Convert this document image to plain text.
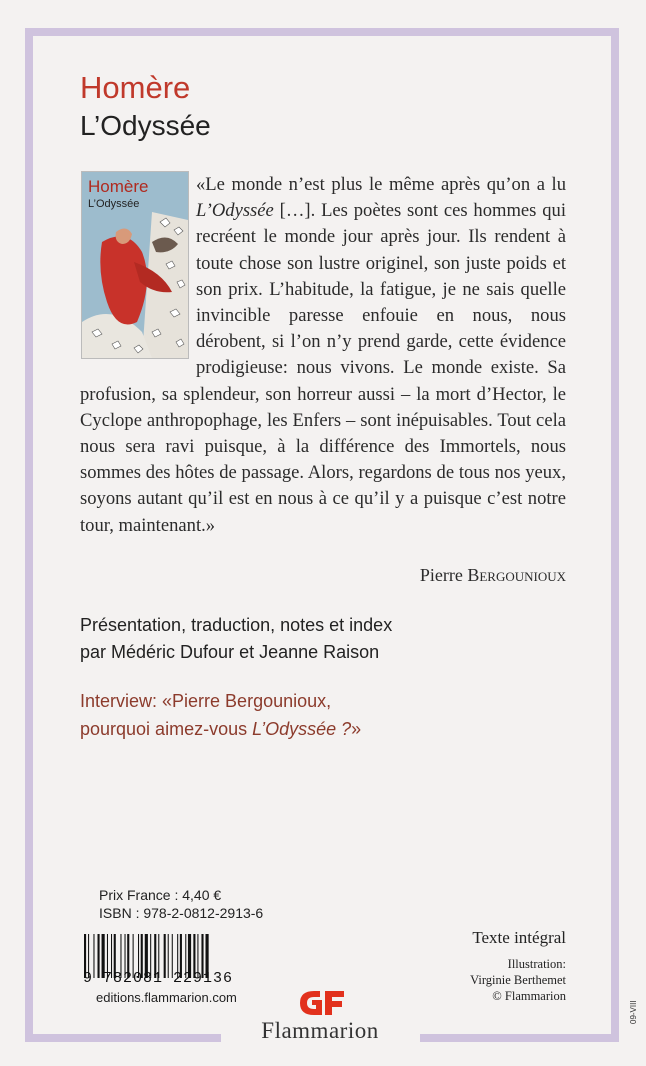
Homère
L’Odyssée
Homère
L’Odyssée
«Le monde n’est plus le même après qu’on a lu L’Odyssée […]. Les poètes sont ces hommes qui recréent le monde jour après jour. Ils rendent à toute chose son lustre originel, son juste poids et son prix. L’habitude, la fatigue, je ne sais quelle invincible paresse enfouie en nous, nous dérobent, si l’on n’y prend garde, cette évidence prodigieuse: nous vivons. Le monde existe. Sa profusion, sa splendeur, son horreur aussi – la mort d’Hector, le Cyclope anthropophage, les Enfers – sont inépuisables. Tout cela nous sera ravi puisque, à la différence des Immortels, nous sommes des hôtes de passage. Alors, regardons de tous nos yeux, soyons autant qu’il est en nous à ce qu’il y a puisque c’est notre tour, maintenant.»
Pierre Bergounioux
Présentation, traduction, notes et index
par Médéric Dufour et Jeanne Raison
Interview: «Pierre Bergounioux,
pourquoi aimez-vous L’Odyssée ?»
Prix France : 4,40 €
ISBN : 978-2-0812-2913-6
9 782081 229136
editions.flammarion.com
Texte intégral
Illustration:
Virginie Berthemet
© Flammarion
Flammarion
09-VIII
